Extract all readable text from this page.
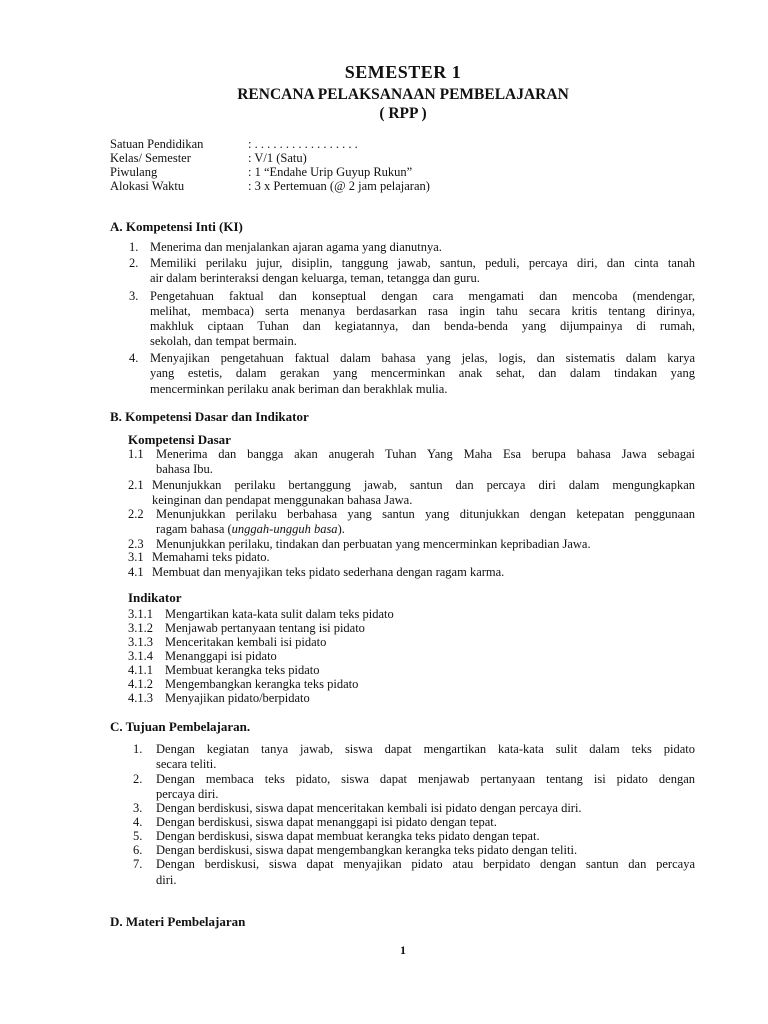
SEMESTER 1
RENCANA PELAKSANAAN PEMBELAJARAN
( RPP )
Satuan Pendidikan	: . . . . . . . . . . . . . . . . .
Kelas/ Semester	: V/1 (Satu)
Piwulang	: 1 “Endahe Urip Guyup Rukun”
Alokasi Waktu	: 3 x Pertemuan (@ 2 jam pelajaran)
A. Kompetensi Inti (KI)
1. Menerima dan menjalankan ajaran agama yang dianutnya.
2. Memiliki perilaku jujur, disiplin, tanggung jawab, santun, peduli, percaya diri, dan cinta tanah
air dalam berinteraksi dengan keluarga, teman, tetangga dan guru.
3. Pengetahuan faktual dan konseptual dengan cara mengamati dan mencoba (mendengar,
melihat, membaca) serta menanya berdasarkan rasa ingin tahu secara kritis tentang dirinya,
makhluk ciptaan Tuhan dan kegiatannya, dan benda-benda yang dijumpainya di rumah,
sekolah, dan tempat bermain.
4. Menyajikan pengetahuan faktual dalam bahasa yang jelas, logis, dan sistematis dalam karya
yang estetis, dalam gerakan yang mencerminkan anak sehat, dan dalam tindakan yang
mencerminkan perilaku anak beriman dan berakhlak mulia.
B. Kompetensi Dasar dan Indikator
Kompetensi Dasar
1.1 Menerima dan bangga akan anugerah Tuhan Yang Maha Esa berupa bahasa Jawa sebagai
bahasa Ibu.
2.1 Menunjukkan perilaku bertanggung jawab, santun dan percaya diri dalam mengungkapkan
keinginan dan pendapat menggunakan bahasa Jawa.
2.2 Menunjukkan perilaku berbahasa yang santun yang ditunjukkan dengan ketepatan penggunaan
ragam bahasa (unggah-ungguh basa).
2.3 Menunjukkan perilaku, tindakan dan perbuatan yang mencerminkan kepribadian Jawa.
3.1 Memahami teks pidato.
4.1 Membuat dan menyajikan teks pidato sederhana dengan ragam karma.
Indikator
3.1.1 Mengartikan kata-kata sulit dalam teks pidato
3.1.2 Menjawab pertanyaan tentang isi pidato
3.1.3 Menceritakan kembali isi pidato
3.1.4 Menanggapi isi pidato
4.1.1 Membuat kerangka teks pidato
4.1.2 Mengembangkan kerangka teks pidato
4.1.3 Menyajikan pidato/berpidato
C. Tujuan Pembelajaran.
1. Dengan kegiatan tanya jawab, siswa dapat mengartikan kata-kata sulit dalam teks pidato
secara teliti.
2. Dengan membaca teks pidato, siswa dapat menjawab pertanyaan tentang isi pidato dengan
percaya diri.
3. Dengan berdiskusi, siswa dapat menceritakan kembali isi pidato dengan percaya diri.
4. Dengan berdiskusi, siswa dapat menanggapi isi pidato dengan tepat.
5. Dengan berdiskusi, siswa dapat membuat kerangka teks pidato dengan tepat.
6. Dengan berdiskusi, siswa dapat mengembangkan kerangka teks pidato dengan teliti.
7. Dengan berdiskusi, siswa dapat menyajikan pidato atau berpidato dengan santun dan percaya
diri.
D. Materi Pembelajaran
1
